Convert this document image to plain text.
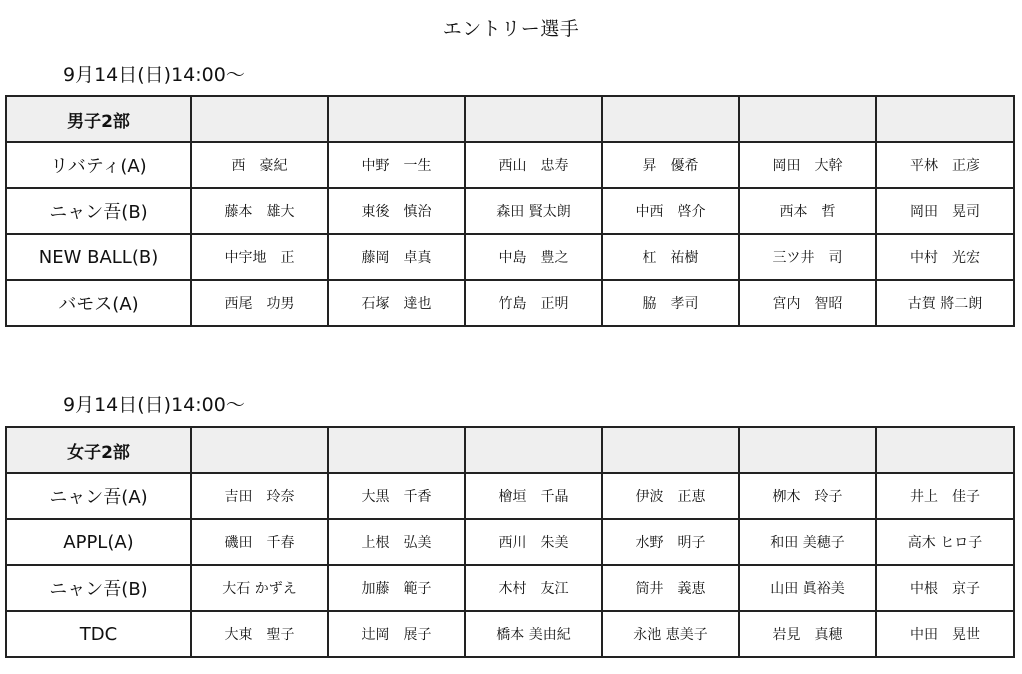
エントリー選手
9月14日(日)14:00～
男子2部						
リバティ(A)	西　豪紀	中野　一生	西山　忠寿	昇　優希	岡田　大幹	平林　正彦
ニャン吾(B)	藤本　雄大	東後　慎治	森田 賢太朗	中西　啓介	西本　哲	岡田　晃司
NEW BALL(B)	中宇地　正	藤岡　卓真	中島　豊之	杠　祐樹	三ツ井　司	中村　光宏
バモス(A)	西尾　功男	石塚　達也	竹島　正明	脇　孝司	宮内　智昭	古賀 將二朗
9月14日(日)14:00～
女子2部						
ニャン吾(A)	吉田　玲奈	大黒　千香	檜垣　千晶	伊波　正恵	栁木　玲子	井上　佳子
APPL(A)	磯田　千春	上根　弘美	西川　朱美	水野　明子	和田 美穂子	高木 ヒロ子
ニャン吾(B)	大石 かずえ	加藤　範子	木村　友江	筒井　義恵	山田 眞裕美	中根　京子
TDC	大東　聖子	辻岡　展子	橋本 美由紀	永池 恵美子	岩見　真穂	中田　晃世
